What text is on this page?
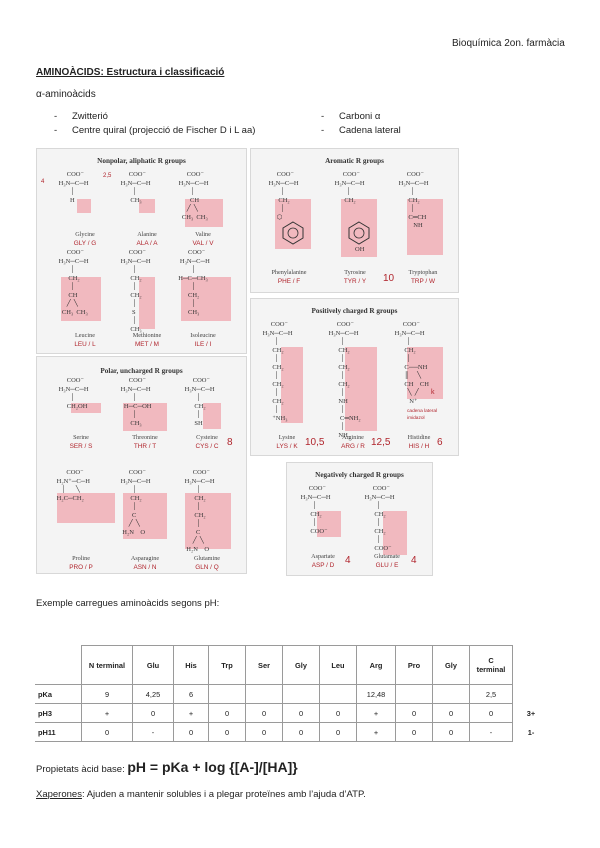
Bioquímica 2on. farmàcia
AMINOÀCIDS: Estructura i classificació
α-aminoàcids
- Zwitterió
- Centre quiral (projecció de Fischer D i L aa)
- Carboni α
- Cadena lateral
Nonpolar, aliphatic R groups
4
2,5
COO⁻
H₃N─C─H
│
H
Glycine
GLY / G
COO⁻
H₃N─C─H
│
CH₃
Alanine
ALA / A
COO⁻
H₃N─C─H
│
CH
╱  ╲
CH₃  CH₃
Valine
VAL / V
COO⁻
H₃N─C─H
│
CH₂
│
CH
╱  ╲
CH₃  CH₃
Leucine
LEU / L
COO⁻
H₃N─C─H
│
CH₂
│
CH₂
│
S
│
CH₃
Methionine
MET / M
COO⁻
H₃N─C─H
│
H─C─CH₃
│
CH₂
│
CH₃
Isoleucine
ILE / I
Aromatic R groups
COO⁻
H₃N─C─H
│
CH₂
│
⬡
Phenylalanine
PHE / F
COO⁻
H₃N─C─H
│
CH₂
OH
Tyrosine
TYR / Y	10
COO⁻
H₃N─C─H
│
CH₂
│
C═CH
NH
Tryptophan
TRP / W
Polar, uncharged R groups
COO⁻
H₃N─C─H
│
CH₂OH
Serine
SER / S
COO⁻
H₃N─C─H
│
H─C─OH
│
CH₃
Threonine
THR / T
COO⁻
H₃N─C─H
│
CH₂
│
SH
Cysteine
CYS / C 8
COO⁻
H₂N⁺─C─H
│      ╲
H₂C─CH₂
Proline
PRO / P
COO⁻
H₃N─C─H
│
CH₂
│
C
╱  ╲
H₂N    O
Asparagine
ASN / N
COO⁻
H₃N─C─H
│
CH₂
│
CH₂
│
C
╱  ╲
H₂N    O
Glutamine
GLN / Q
Positively charged R groups
COO⁻
H₃N─C─H
│
CH₂
│
CH₂
│
CH₂
│
CH₂
│
⁺NH₃
Lysine
LYS / K 10,5
COO⁻
H₃N─C─H
│
CH₂
│
CH₂
│
CH₂
│
NH
│
C═NH₂
│
NH₂
Arginine
ARG / R 12,5
COO⁻
H₃N─C─H
│
CH₂
│
C──NH
║     ╲
CH    CH
╲  ╱
N⁺
k
cadena lateral
imidazol
Histidine
HIS / H 6
Negatively charged R groups
COO⁻
H₃N─C─H
│
CH₂
│
COO⁻
Aspartate
ASP / D	4
COO⁻
H₃N─C─H
│
CH₂
│
CH₂
│
COO⁻
Glutamate
GLU / E	4
Exemple carregues aminoàcids segons pH:
	N terminal	Glu	His	Trp	Ser	Gly	Leu	Arg	Pro	Gly	C terminal	
pKa	9	4,25	6					12,48			2,5	
pH3	+	0	+	0	0	0	0	+	0	0	0	3+
pH11	0	-	0	0	0	0	0	+	0	0	-	1-
Propietats àcid base: pH = pKa + log {[A-]/[HA]}
Xaperones: Ajuden a mantenir solubles i a plegar proteïnes amb l’ajuda d’ATP.
